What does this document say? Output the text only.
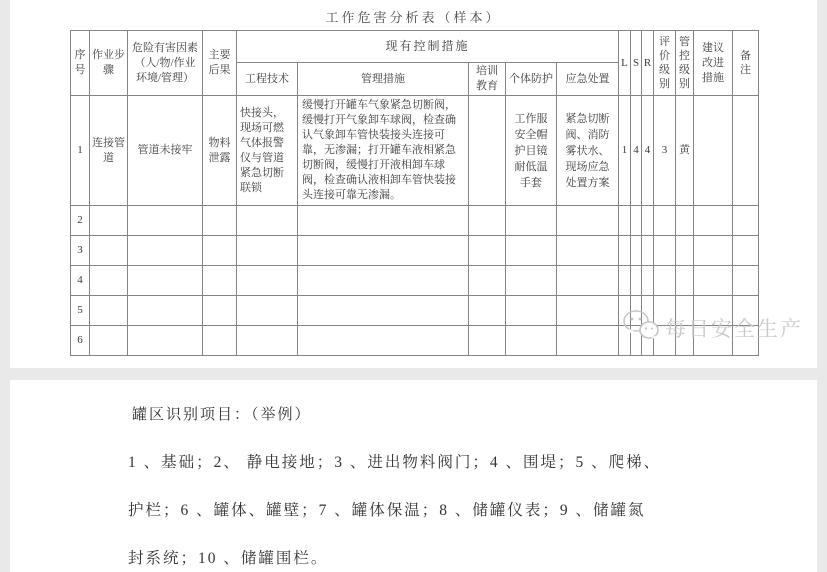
工作危害分析表（样本）
序号	作业步骤	危险有害因素（人/物/作业环境/管理）	主要后果	现有控制措施					L	S	R	评价级别	管控级别	建议改进措施	备注
				工程技术	管理措施	培训教育	个体防护	应急处置							
1	连接管道	管道未接牢	物料泄露	快接头，现场可燃气体报警仪与管道紧急切断联锁	缓慢打开罐车气象紧急切断阀，缓慢打开气象卸车球阀，检查确认气象卸车管快装接头连接可靠，无渗漏；打开罐车液相紧急切断阀，缓慢打开液相卸车球阀，检查确认液相卸车管快装接头连接可靠无渗漏。		工作服安全帽护目镜耐低温手套	紧急切断阀、消防雾状水、现场应急处置方案	1	4	4	3	黄		
2															
3															
4															
5															
6																每日安全生产
罐区识别项目：（举例）
1 、基础；2、 静电接地；3 、进出物料阀门；4 、围堤；5 、爬梯、
护栏；6 、罐体、罐壁；7 、罐体保温；8 、储罐仪表；9 、储罐氮
封系统；10 、储罐围栏。
